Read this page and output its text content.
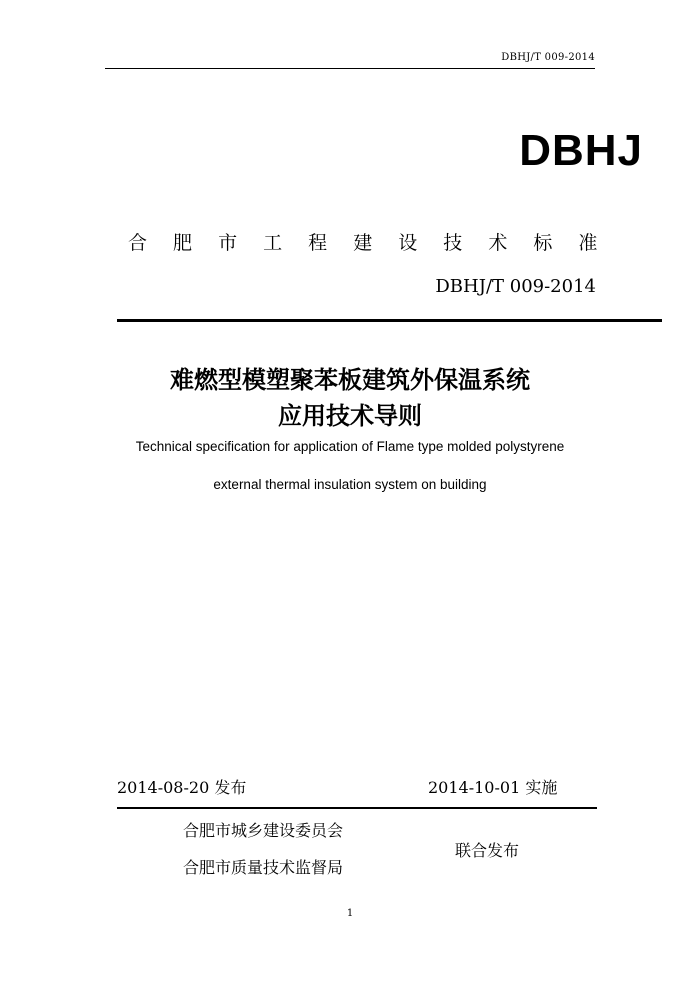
DBHJ/T 009-2014
DBHJ
合 肥 市 工 程 建 设 技 术 标 准
DBHJ/T 009-2014
难燃型模塑聚苯板建筑外保温系统
应用技术导则
Technical specification for application of Flame type molded polystyrene
external thermal insulation system on building
2014-08-20 发布	2014-10-01 实施
合肥市城乡建设委员会
合肥市质量技术监督局
联合发布
1
